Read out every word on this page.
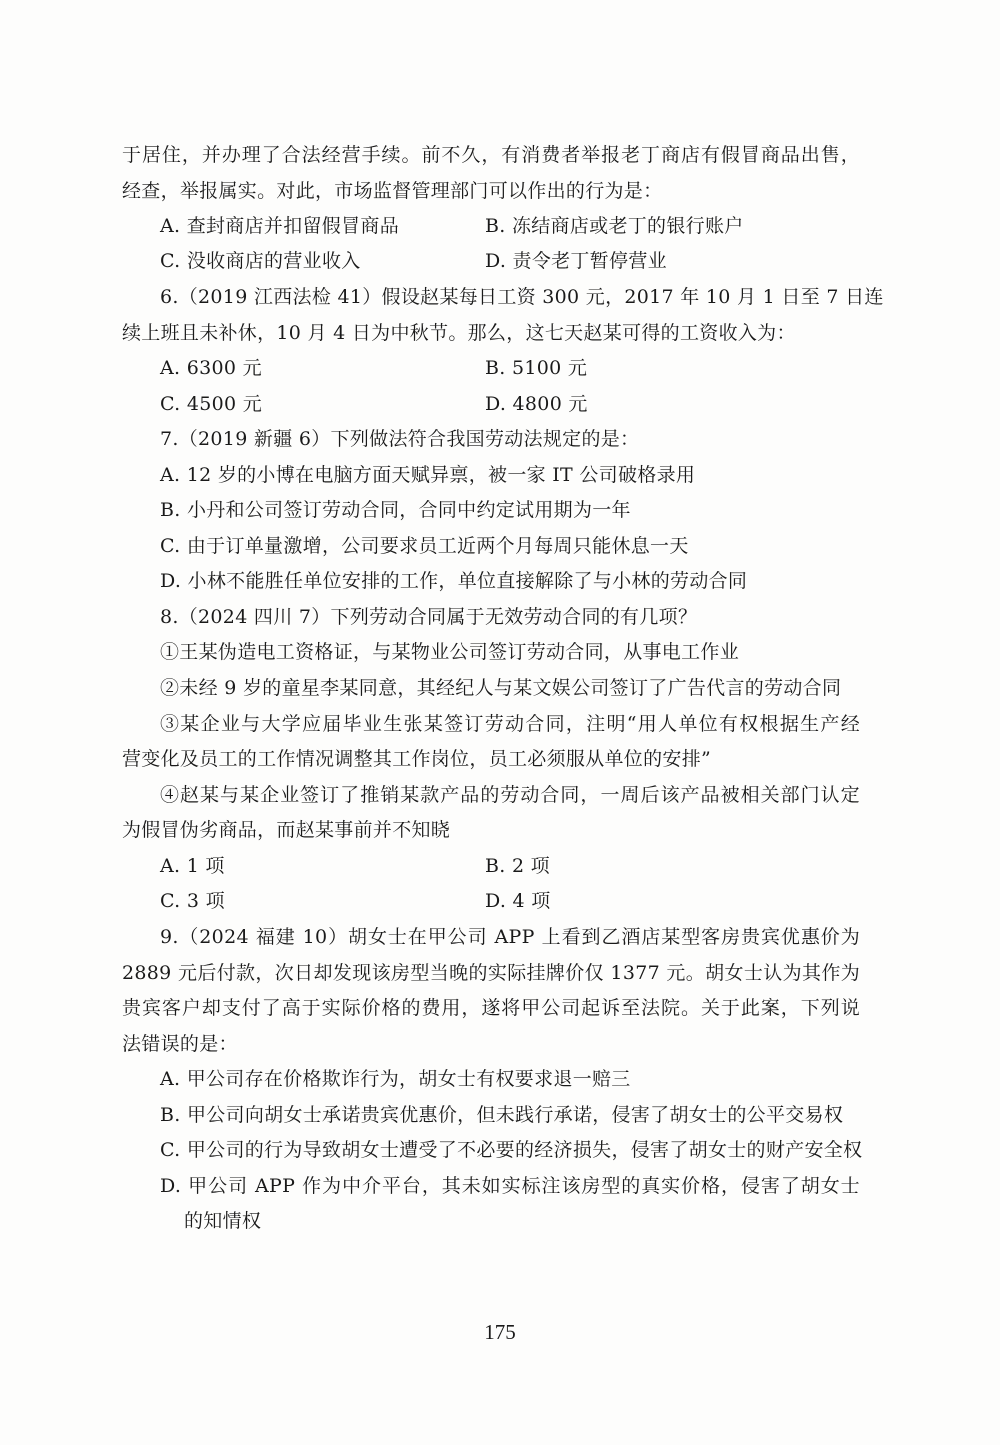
于居住，并办理了合法经营手续。前不久，有消费者举报老丁商店有假冒商品出售，
经查，举报属实。对此，市场监督管理部门可以作出的行为是：
A. 查封商店并扣留假冒商品	B. 冻结商店或老丁的银行账户
C. 没收商店的营业收入	D. 责令老丁暂停营业
6.（2019 江西法检 41）假设赵某每日工资 300 元，2017 年 10 月 1 日至 7 日连
续上班且未补休，10 月 4 日为中秋节。那么，这七天赵某可得的工资收入为：
A. 6300 元	B. 5100 元
C. 4500 元	D. 4800 元
7.（2019 新疆 6）下列做法符合我国劳动法规定的是：
A. 12 岁的小博在电脑方面天赋异禀，被一家 IT 公司破格录用
B. 小丹和公司签订劳动合同，合同中约定试用期为一年
C. 由于订单量激增，公司要求员工近两个月每周只能休息一天
D. 小林不能胜任单位安排的工作，单位直接解除了与小林的劳动合同
8.（2024 四川 7）下列劳动合同属于无效劳动合同的有几项？
①王某伪造电工资格证，与某物业公司签订劳动合同，从事电工作业
②未经 9 岁的童星李某同意，其经纪人与某文娱公司签订了广告代言的劳动合同
③某企业与大学应届毕业生张某签订劳动合同，注明“用人单位有权根据生产经
营变化及员工的工作情况调整其工作岗位，员工必须服从单位的安排”
④赵某与某企业签订了推销某款产品的劳动合同，一周后该产品被相关部门认定
为假冒伪劣商品，而赵某事前并不知晓
A. 1 项	B. 2 项
C. 3 项	D. 4 项
9.（2024 福建 10）胡女士在甲公司 APP 上看到乙酒店某型客房贵宾优惠价为
2889 元后付款，次日却发现该房型当晚的实际挂牌价仅 1377 元。胡女士认为其作为
贵宾客户却支付了高于实际价格的费用，遂将甲公司起诉至法院。关于此案，下列说
法错误的是：
A. 甲公司存在价格欺诈行为，胡女士有权要求退一赔三
B. 甲公司向胡女士承诺贵宾优惠价，但未践行承诺，侵害了胡女士的公平交易权
C. 甲公司的行为导致胡女士遭受了不必要的经济损失，侵害了胡女士的财产安全权
D. 甲公司 APP 作为中介平台，其未如实标注该房型的真实价格，侵害了胡女士
的知情权
175
